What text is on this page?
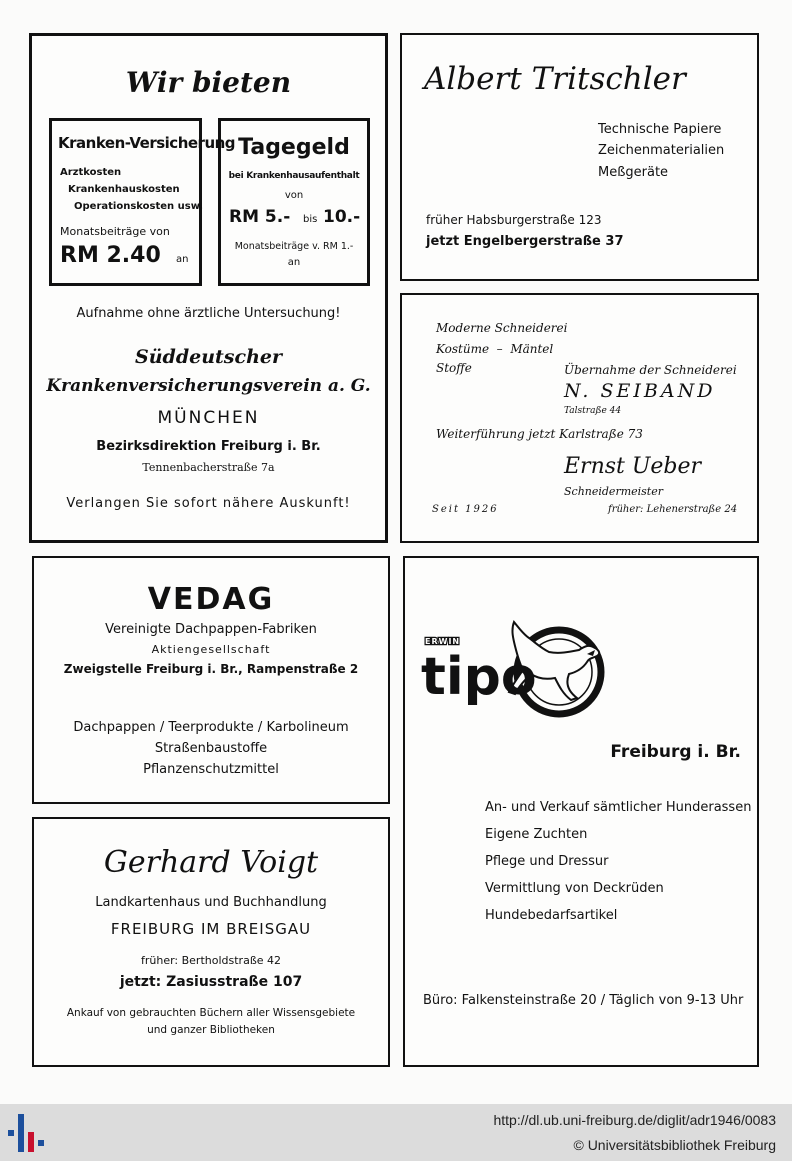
Wir bieten
Kranken-Versicherung
Arztkosten
Krankenhauskosten
Operationskosten usw.
Monatsbeiträge von
RM 2.40 an
Tagegeld
bei Krankenhausaufenthalt
von
RM 5.- bis 10.-
Monatsbeiträge v. RM 1.-
an
Aufnahme ohne ärztliche Untersuchung!
Süddeutscher
Krankenversicherungsverein a. G.
MÜNCHEN
Bezirksdirektion Freiburg i. Br.
Tennenbacherstraße 7a
Verlangen Sie sofort nähere Auskunft!
Albert Tritschler
Technische Papiere
Zeichenmaterialien
Meßgeräte
früher Habsburgerstraße 123
jetzt Engelbergerstraße 37
Moderne Schneiderei
Kostüme  –  Mäntel
Stoffe	Übernahme der Schneiderei
N. SEIBAND
Talstraße 44
Weiterführung jetzt Karlstraße 73
Ernst Ueber
Schneidermeister
Seit 1926	früher: Lehenerstraße 24
VEDAG
Vereinigte Dachpappen-Fabriken
Aktiengesellschaft
Zweigstelle Freiburg i. Br., Rampenstraße 2
Dachpappen / Teerprodukte / Karbolineum
Straßenbaustoffe
Pflanzenschutzmittel
Gerhard Voigt
Landkartenhaus und Buchhandlung
FREIBURG IM BREISGAU
früher: Bertholdstraße 42
jetzt: Zasiusstraße 107
Ankauf von gebrauchten Büchern aller Wissensgebiete
und ganzer Bibliotheken
ERWIN
tipo
Freiburg i. Br.
An- und Verkauf sämtlicher Hunderassen
Eigene Zuchten
Pflege und Dressur
Vermittlung von Deckrüden
Hundebedarfsartikel
Büro: Falkensteinstraße 20 / Täglich von 9-13 Uhr
http://dl.ub.uni-freiburg.de/diglit/adr1946/0083
© Universitätsbibliothek Freiburg
